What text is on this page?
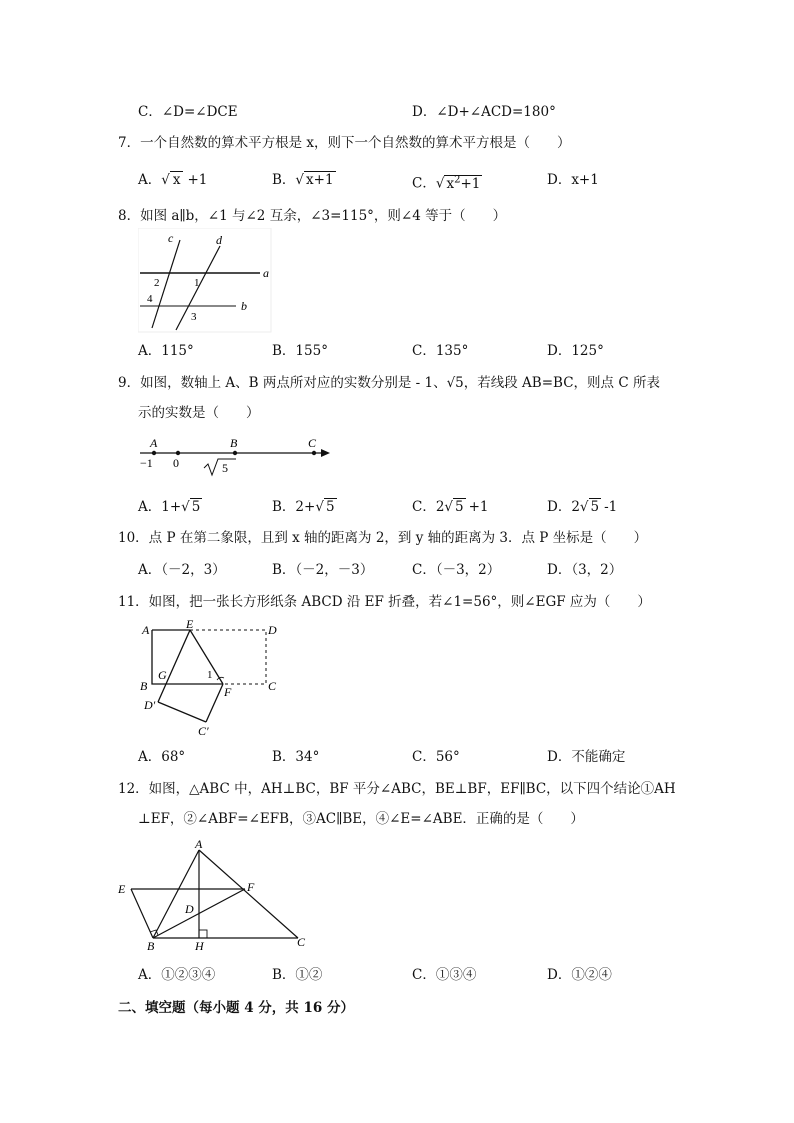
C．∠D=∠DCE	D．∠D+∠ACD=180°
7．一个自然数的算术平方根是 x，则下一个自然数的算术平方根是（　　）
A．√ x +1	B．√ x+1	C．√ $x^2+1$	D．x+1
8．如图 a∥b，∠1 与∠2 互余，∠3=115°，则∠4 等于（　　）
c	d
a
b
1
2
3
4
A．115°	B．155°	C．135°	D．125°
9．如图，数轴上 A、B 两点所对应的实数分别是 - 1、√5，若线段 AB=BC，则点 C 所表
示的实数是（　　）
A	B	C
−1 0	5
A．1+√ 5	B．2+√ 5	C．2√ 5 +1	D．2√ 5 -1
10．点 P 在第二象限，且到 x 轴的距离为 2，到 y 轴的距离为 3．点 P 坐标是（　　）
A．（－2，3）	B．（－2，－3）	C．（－3，2）	D．（3，2）
11．如图，把一张长方形纸条 ABCD 沿 EF 折叠，若∠1=56°，则∠EGF 应为（　　）
A	E	D
G	1
B	F	C
D′
C′
A．68°	B．34°	C．56°	D．不能确定
12．如图，△ABC 中，AH⊥BC，BF 平分∠ABC，BE⊥BF，EF∥BC，以下四个结论①AH
⊥EF，②∠ABF=∠EFB，③AC∥BE，④∠E=∠ABE．正确的是（　　）
A
E	F
D
B	H	C
A．①②③④	B．①②	C．①③④	D．①②④
二、填空题（每小题 4 分，共 16 分）
